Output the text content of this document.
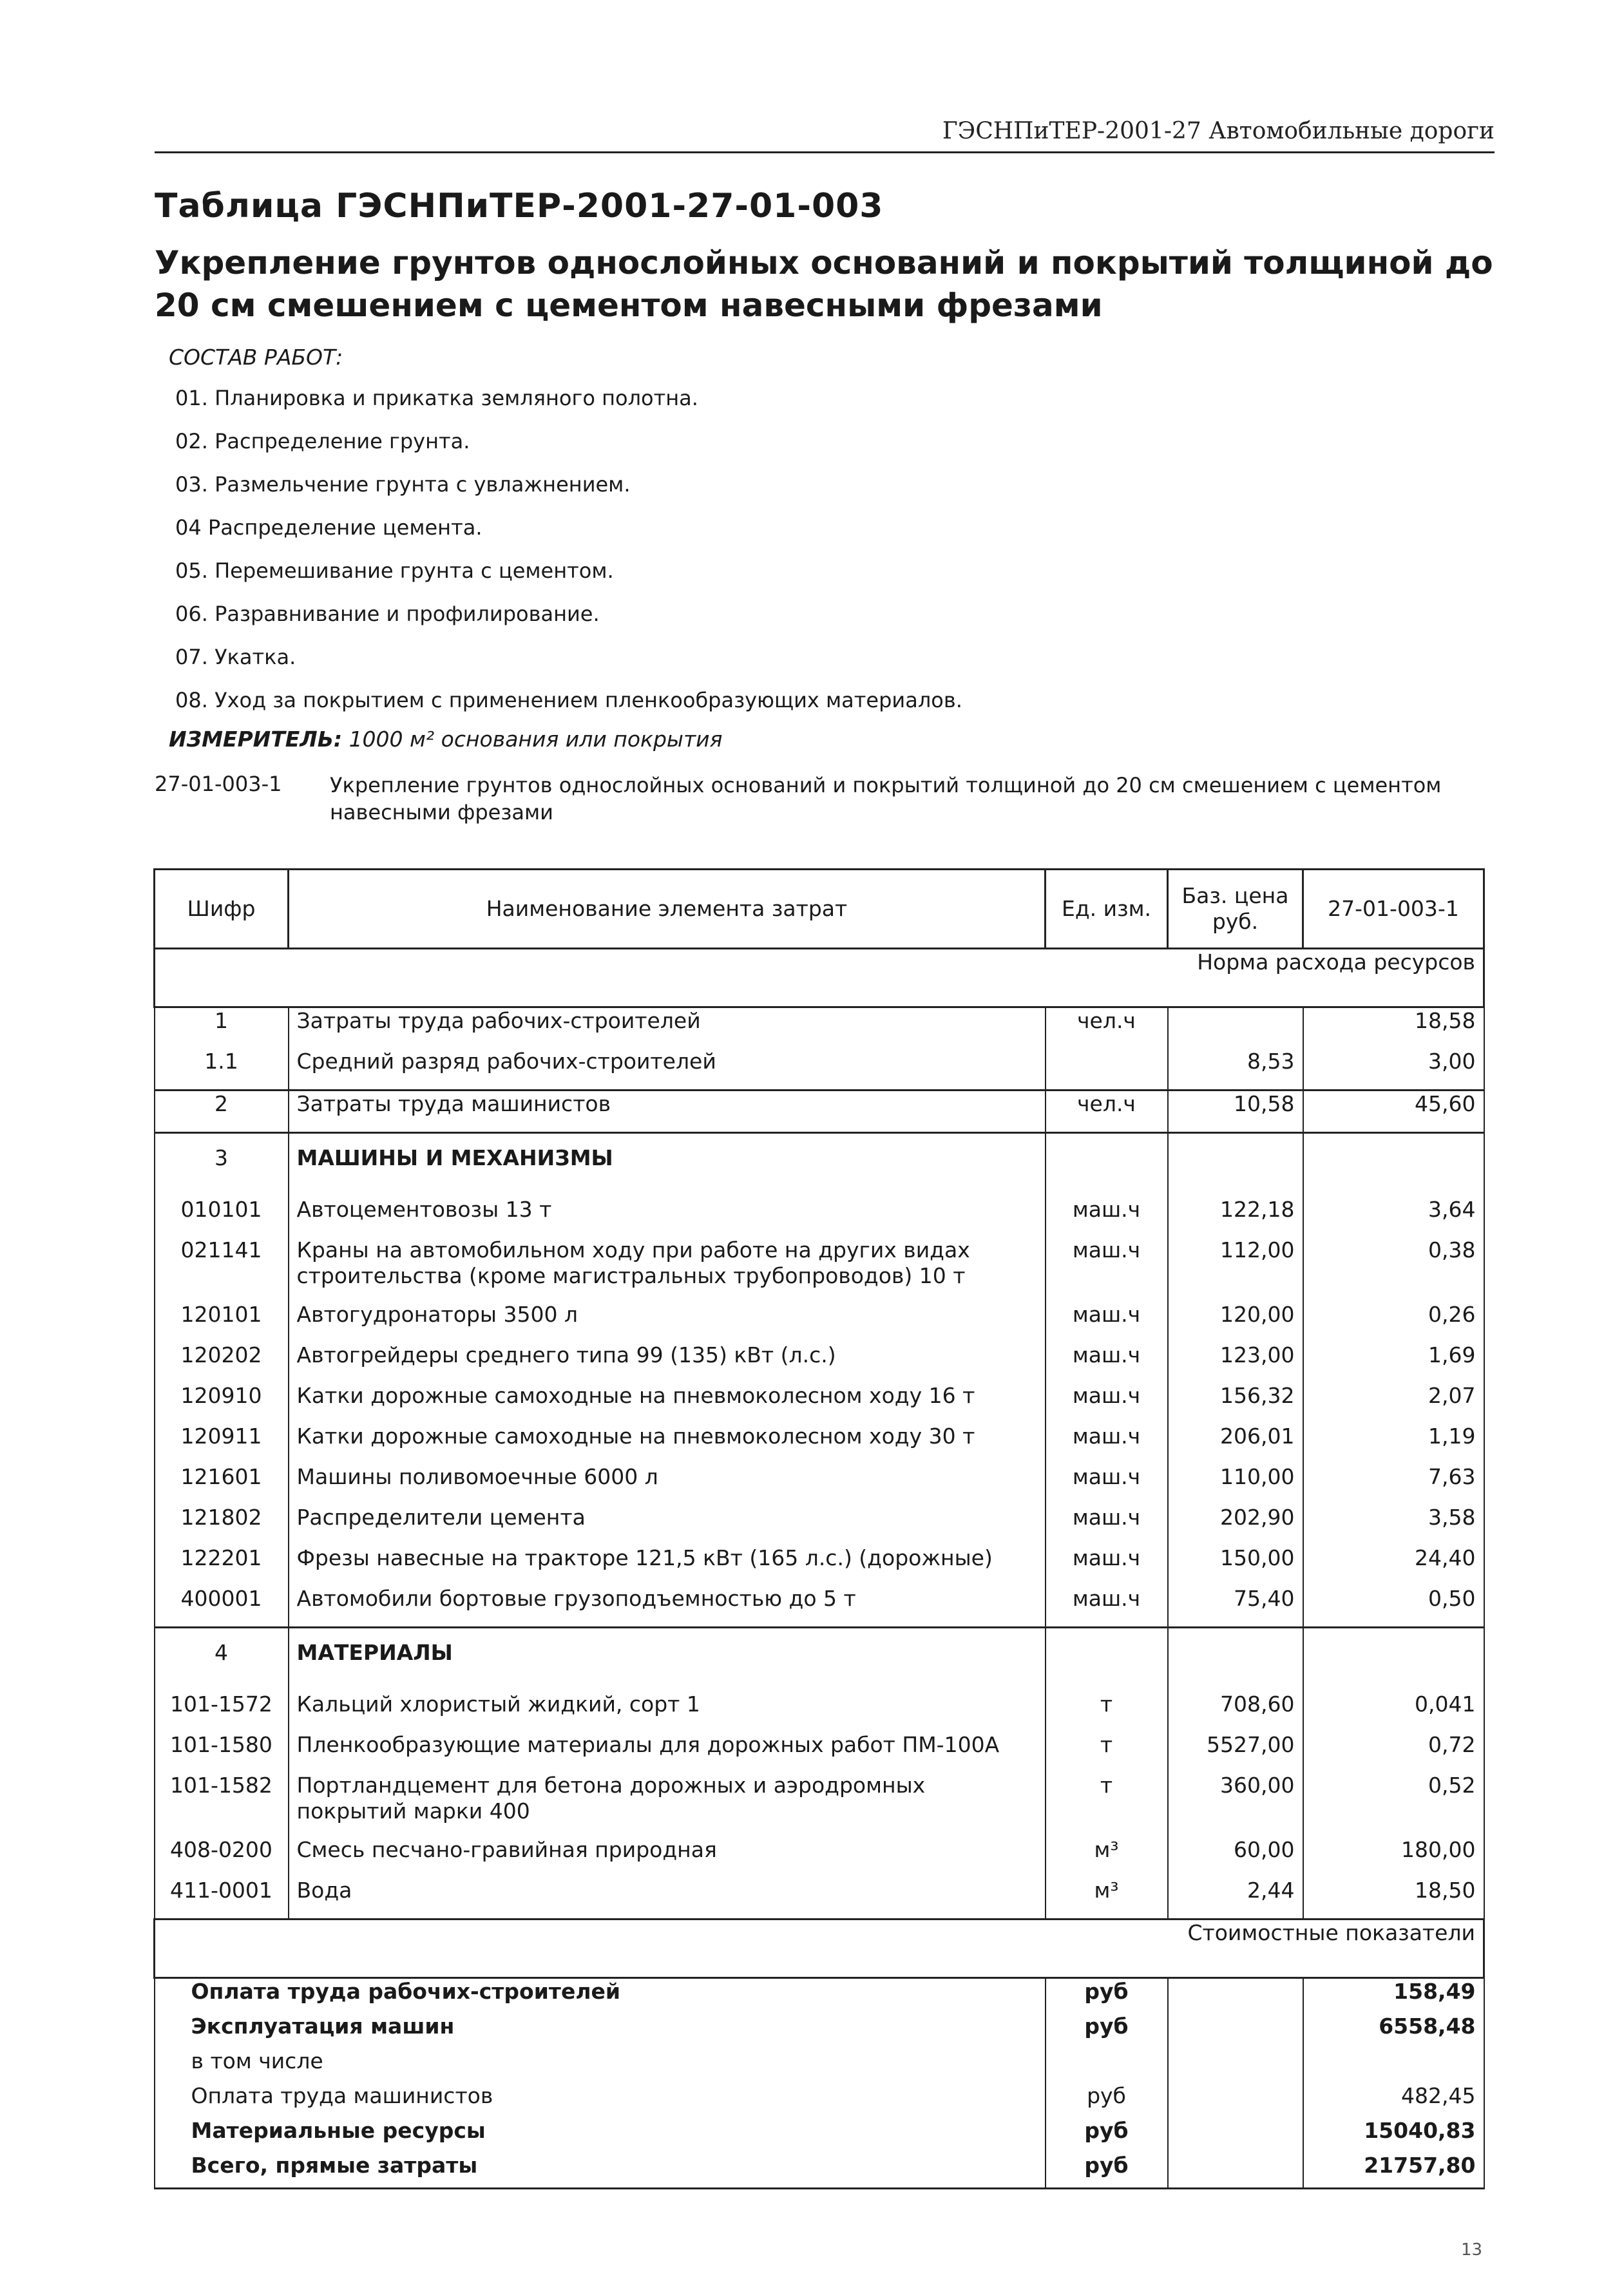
ГЭСНПиТЕР-2001-27 Автомобильные дороги
Таблица ГЭСНПиТЕР-2001-27-01-003
Укрепление грунтов однослойных оснований и покрытий толщиной до 20 см смешением с цементом навесными фрезами
СОСТАВ РАБОТ:
01. Планировка и прикатка земляного полотна.
02. Распределение грунта.
03. Размельчение грунта с увлажнением.
04 Распределение цемента.
05. Перемешивание грунта с цементом.
06. Разравнивание и профилирование.
07. Укатка.
08. Уход за покрытием с применением пленкообразующих материалов.
ИЗМЕРИТЕЛЬ: 1000 м² основания или покрытия
27-01-003-1 Укрепление грунтов однослойных оснований и покрытий толщиной до 20 см смешением с цементом навесными фрезами
Шифр	Наименование элемента затрат	Ед. изм.	Баз. цена руб.	27-01-003-1
Норма расхода ресурсов				
1	Затраты труда рабочих-строителей	чел.ч		18,58
1.1	Средний разряд рабочих-строителей		8,53	3,00
2	Затраты труда машинистов	чел.ч	10,58	45,60
3	МАШИНЫ И МЕХАНИЗМЫ			
010101	Автоцементовозы 13 т	маш.ч	122,18	3,64
021141	Краны на автомобильном ходу при работе на других видах строительства (кроме магистральных трубопроводов) 10 т	маш.ч	112,00	0,38
120101	Автогудронаторы 3500 л	маш.ч	120,00	0,26
120202	Автогрейдеры среднего типа 99 (135) кВт (л.с.)	маш.ч	123,00	1,69
120910	Катки дорожные самоходные на пневмоколесном ходу 16 т	маш.ч	156,32	2,07
120911	Катки дорожные самоходные на пневмоколесном ходу 30 т	маш.ч	206,01	1,19
121601	Машины поливомоечные 6000 л	маш.ч	110,00	7,63
121802	Распределители цемента	маш.ч	202,90	3,58
122201	Фрезы навесные на тракторе 121,5 кВт (165 л.с.) (дорожные)	маш.ч	150,00	24,40
400001	Автомобили бортовые грузоподъемностью до 5 т	маш.ч	75,40	0,50
4	МАТЕРИАЛЫ			
101-1572	Кальций хлористый жидкий, сорт 1	т	708,60	0,041
101-1580	Пленкообразующие материалы для дорожных работ ПМ-100А	т	5527,00	0,72
101-1582	Портландцемент для бетона дорожных и аэродромных покрытий марки 400	т	360,00	0,52
408-0200	Смесь песчано-гравийная природная	м³	60,00	180,00
411-0001	Вода	м³	2,44	18,50
Стоимостные показатели				
Оплата труда рабочих-строителей		руб		158,49
Эксплуатация машин		руб		6558,48
в том числе				
Оплата труда машинистов		руб		482,45
Материальные ресурсы		руб		15040,83
Всего, прямые затраты		руб		21757,80
13
